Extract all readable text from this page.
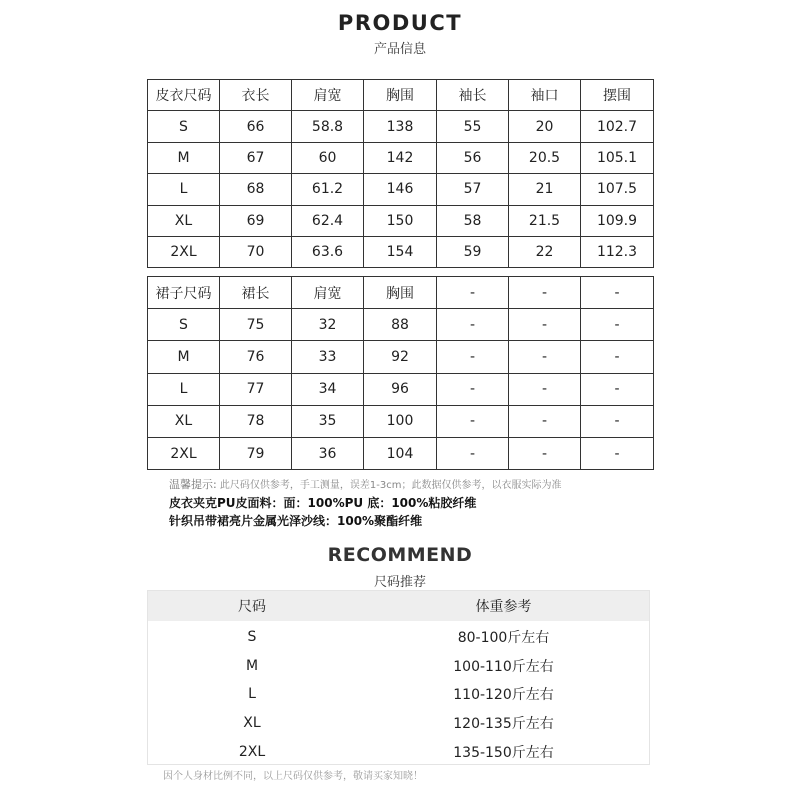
PRODUCT
产品信息
皮衣尺码	衣长	肩宽	胸围	袖长	袖口	摆围
S	66	58.8	138	55	20	102.7
M	67	60	142	56	20.5	105.1
L	68	61.2	146	57	21	107.5
XL	69	62.4	150	58	21.5	109.9
2XL	70	63.6	154	59	22	112.3
裙子尺码	裙长	肩宽	胸围	-	-	-
S	75	32	88	-	-	-
M	76	33	92	-	-	-
L	77	34	96	-	-	-
XL	78	35	100	-	-	-
2XL	79	36	104	-	-	-
温馨提示: 此尺码仅供参考，手工测量，误差1-3cm；此数据仅供参考，以衣服实际为准
皮衣夹克PU皮面料：面：100%PU 底：100%粘胶纤维
针织吊带裙亮片金属光泽沙线：100%聚酯纤维
RECOMMEND
尺码推荐
尺码	体重参考
S	80-100斤左右
M	100-110斤左右
L	110-120斤左右
XL	120-135斤左右
2XL	135-150斤左右
因个人身材比例不同，以上尺码仅供参考，敬请买家知晓！
